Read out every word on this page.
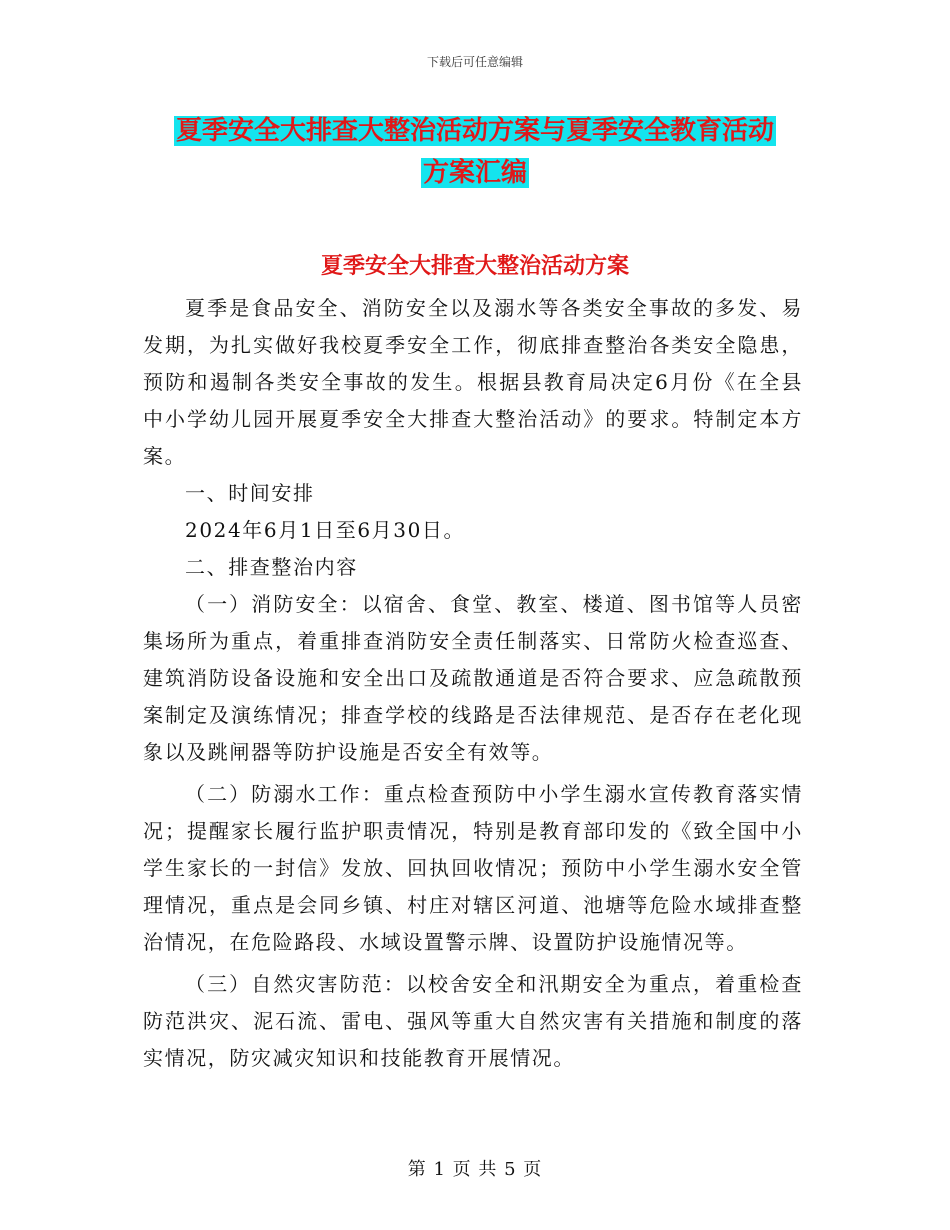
下载后可任意编辑
夏季安全大排查大整治活动方案与夏季安全教育活动
方案汇编
夏季安全大排查大整治活动方案

夏季是食品安全、消防安全以及溺水等各类安全事故的多发、易发期，为扎实做好我校夏季安全工作，彻底排查整治各类安全隐患，预防和遏制各类安全事故的发生。根据县教育局决定6月份《在全县中小学幼儿园开展夏季安全大排查大整治活动》的要求。特制定本方案。

一、时间安排

2024年6月1日至6月30日。

二、排查整治内容

（一）消防安全：以宿舍、食堂、教室、楼道、图书馆等人员密集场所为重点，着重排查消防安全责任制落实、日常防火检查巡查、建筑消防设备设施和安全出口及疏散通道是否符合要求、应急疏散预案制定及演练情况；排查学校的线路是否法律规范、是否存在老化现象以及跳闸器等防护设施是否安全有效等。

（二）防溺水工作：重点检查预防中小学生溺水宣传教育落实情况；提醒家长履行监护职责情况，特别是教育部印发的《致全国中小学生家长的一封信》发放、回执回收情况；预防中小学生溺水安全管理情况，重点是会同乡镇、村庄对辖区河道、池塘等危险水域排查整治情况，在危险路段、水域设置警示牌、设置防护设施情况等。

（三）自然灾害防范：以校舍安全和汛期安全为重点，着重检查防范洪灾、泥石流、雷电、强风等重大自然灾害有关措施和制度的落实情况，防灾减灾知识和技能教育开展情况。

第 1 页 共 5 页
